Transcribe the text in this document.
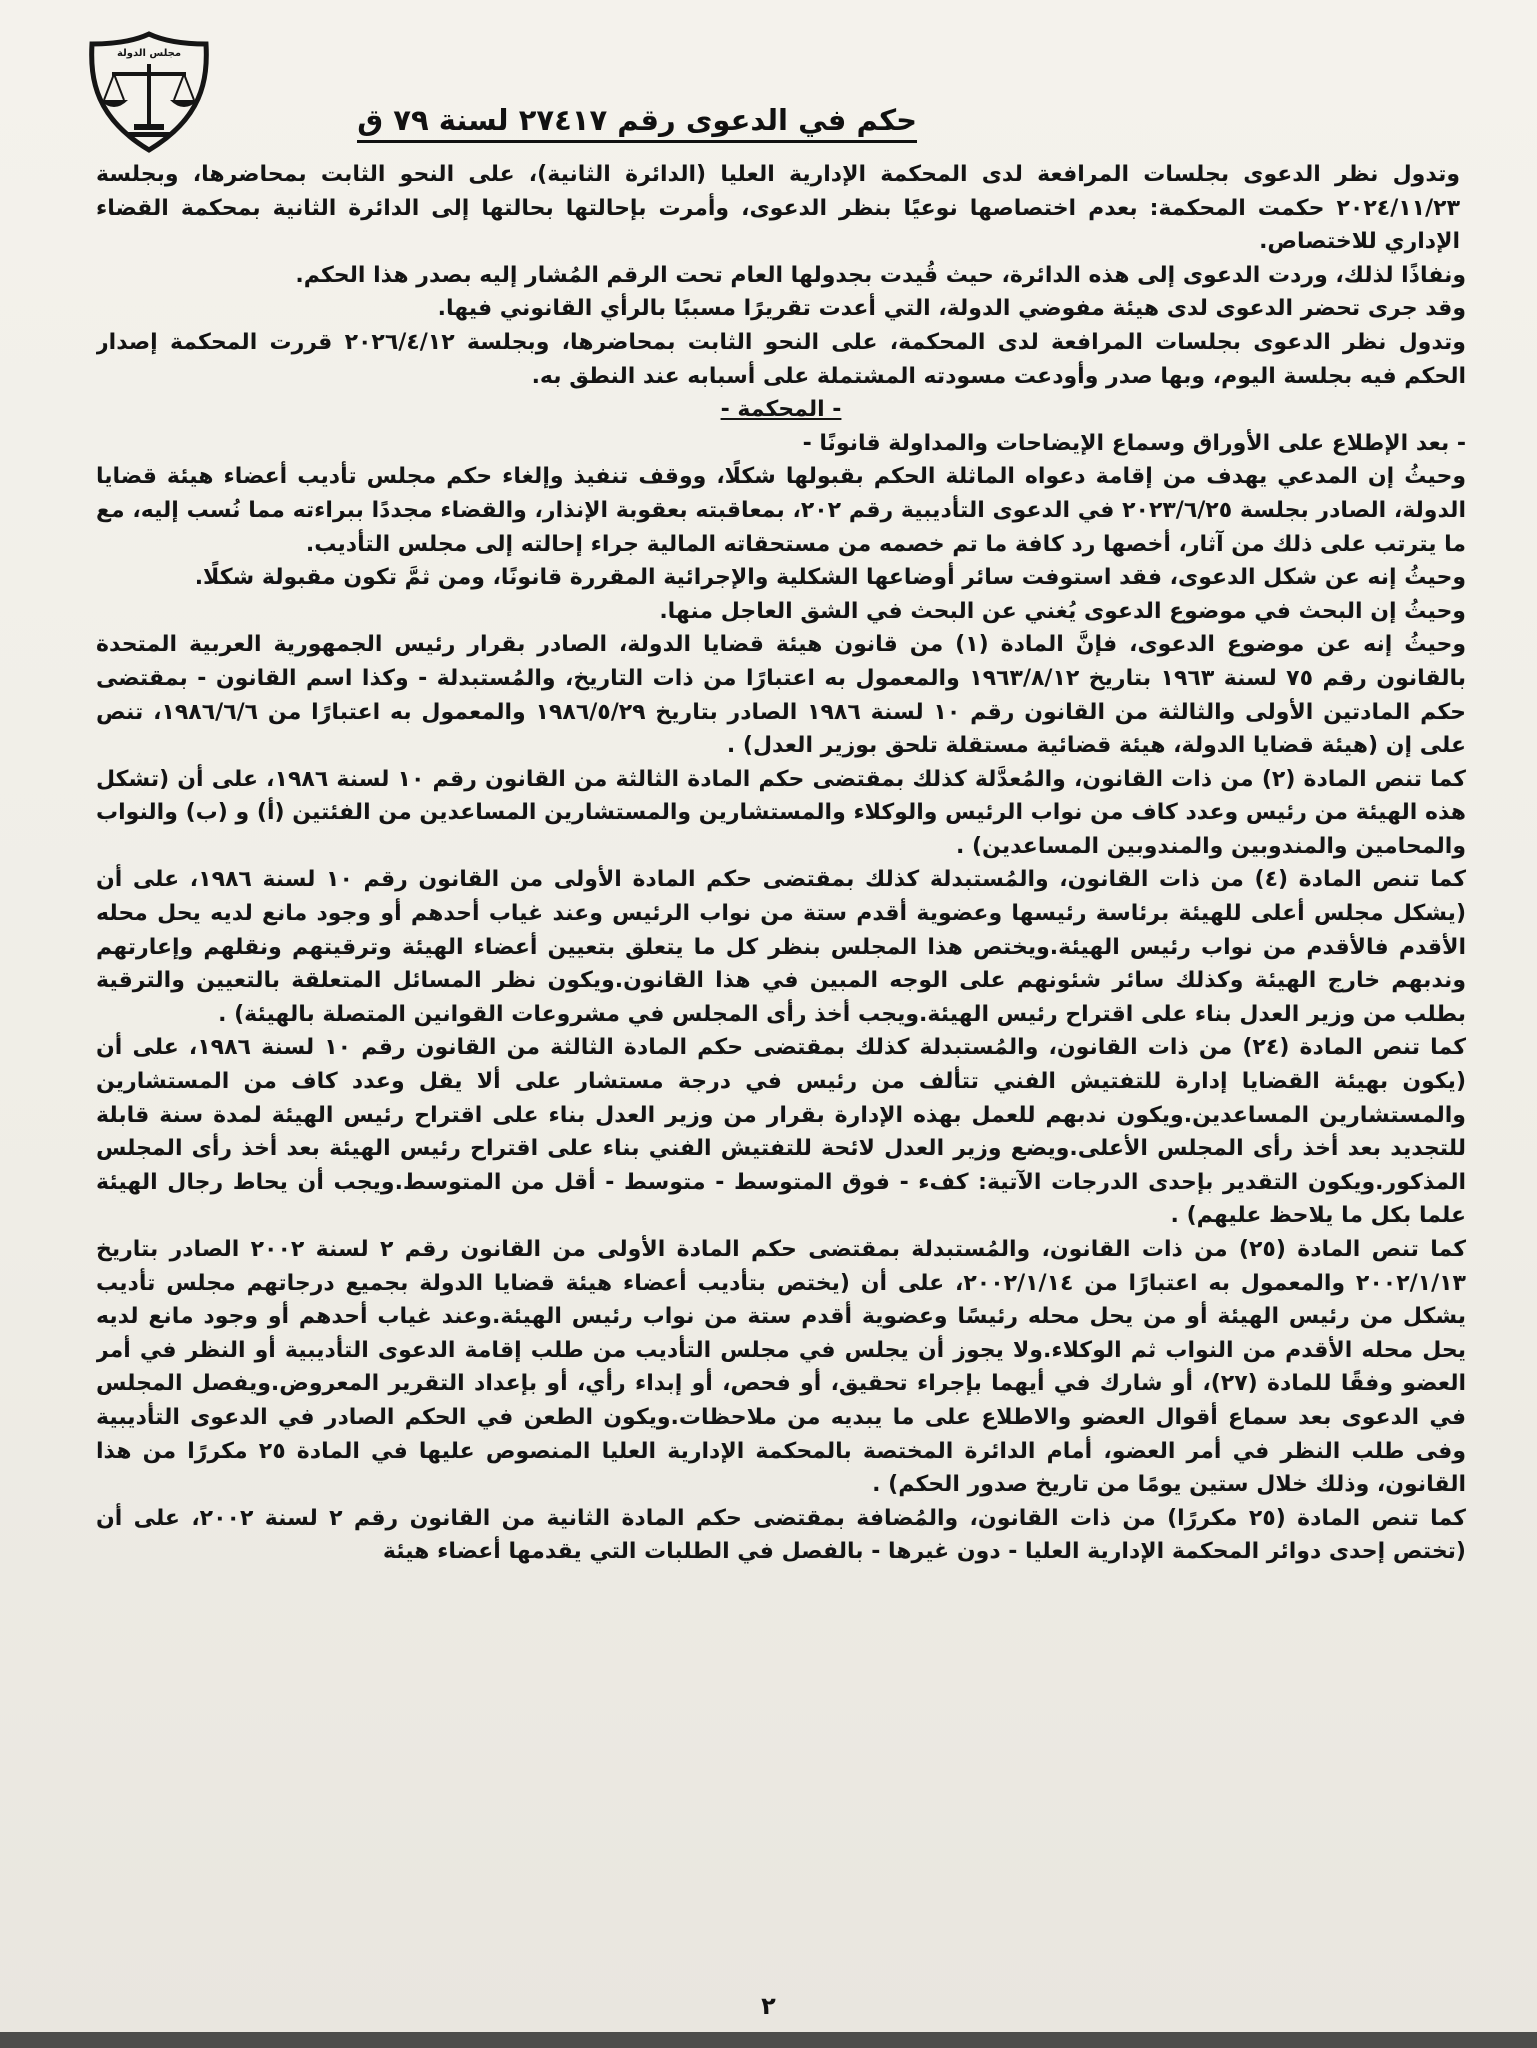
مجلس الدولة
حكم في الدعوى رقم ٢٧٤١٧ لسنة ٧٩ ق

وتدول نظر الدعوى بجلسات المرافعة لدى المحكمة الإدارية العليا (الدائرة الثانية)، على النحو الثابت بمحاضرها، وبجلسة ٢٠٢٤/١١/٢٣ حكمت المحكمة: بعدم اختصاصها نوعيًا بنظر الدعوى، وأمرت بإحالتها بحالتها إلى الدائرة الثانية بمحكمة القضاء الإداري للاختصاص.

ونفاذًا لذلك، وردت الدعوى إلى هذه الدائرة، حيث قُيدت بجدولها العام تحت الرقم المُشار إليه بصدر هذا الحكم.

وقد جرى تحضر الدعوى لدى هيئة مفوضي الدولة، التي أعدت تقريرًا مسببًا بالرأي القانوني فيها.

وتدول نظر الدعوى بجلسات المرافعة لدى المحكمة، على النحو الثابت بمحاضرها، وبجلسة ٢٠٢٦/٤/١٢ قررت المحكمة إصدار الحكم فيه بجلسة اليوم، وبها صدر وأودعت مسودته المشتملة على أسبابه عند النطق به.

- المحكمة -

- بعد الإطلاع على الأوراق وسماع الإيضاحات والمداولة قانونًا -

وحيثُ إن المدعي يهدف من إقامة دعواه الماثلة الحكم بقبولها شكلًا، ووقف تنفيذ وإلغاء حكم مجلس تأديب أعضاء هيئة قضايا الدولة، الصادر بجلسة ٢٠٢٣/٦/٢٥ في الدعوى التأديبية رقم ٢٠٢، بمعاقبته بعقوبة الإنذار، والقضاء مجددًا ببراءته مما نُسب إليه، مع ما يترتب على ذلك من آثار، أخصها رد كافة ما تم خصمه من مستحقاته المالية جراء إحالته إلى مجلس التأديب.

وحيثُ إنه عن شكل الدعوى، فقد استوفت سائر أوضاعها الشكلية والإجرائية المقررة قانونًا، ومن ثمَّ تكون مقبولة شكلًا.

وحيثُ إن البحث في موضوع الدعوى يُغني عن البحث في الشق العاجل منها.

وحيثُ إنه عن موضوع الدعوى، فإنَّ المادة (١) من قانون هيئة قضايا الدولة، الصادر بقرار رئيس الجمهورية العربية المتحدة بالقانون رقم ٧٥ لسنة ١٩٦٣ بتاريخ ١٩٦٣/٨/١٢ والمعمول به اعتبارًا من ذات التاريخ، والمُستبدلة - وكذا اسم القانون - بمقتضى حكم المادتين الأولى والثالثة من القانون رقم ١٠ لسنة ١٩٨٦ الصادر بتاريخ ١٩٨٦/٥/٢٩ والمعمول به اعتبارًا من ١٩٨٦/٦/٦، تنص على إن (هيئة قضايا الدولة، هيئة قضائية مستقلة تلحق بوزير العدل) .

كما تنص المادة (٢) من ذات القانون، والمُعدَّلة كذلك بمقتضى حكم المادة الثالثة من القانون رقم ١٠ لسنة ١٩٨٦، على أن (تشكل هذه الهيئة من رئيس وعدد كاف من نواب الرئيس والوكلاء والمستشارين والمستشارين المساعدين من الفئتين (أ) و (ب) والنواب والمحامين والمندوبين والمندوبين المساعدين) .

كما تنص المادة (٤) من ذات القانون، والمُستبدلة كذلك بمقتضى حكم المادة الأولى من القانون رقم ١٠ لسنة ١٩٨٦، على أن (يشكل مجلس أعلى للهيئة برئاسة رئيسها وعضوية أقدم ستة من نواب الرئيس وعند غياب أحدهم أو وجود مانع لديه يحل محله الأقدم فالأقدم من نواب رئيس الهيئة.ويختص هذا المجلس بنظر كل ما يتعلق بتعيين أعضاء الهيئة وترقيتهم ونقلهم وإعارتهم وندبهم خارج الهيئة وكذلك سائر شئونهم على الوجه المبين في هذا القانون.ويكون نظر المسائل المتعلقة بالتعيين والترقية بطلب من وزير العدل بناء على اقتراح رئيس الهيئة.ويجب أخذ رأى المجلس في مشروعات القوانين المتصلة بالهيئة) .

كما تنص المادة (٢٤) من ذات القانون، والمُستبدلة كذلك بمقتضى حكم المادة الثالثة من القانون رقم ١٠ لسنة ١٩٨٦، على أن (يكون بهيئة القضايا إدارة للتفتيش الفني تتألف من رئيس في درجة مستشار على ألا يقل وعدد كاف من المستشارين والمستشارين المساعدين.ويكون ندبهم للعمل بهذه الإدارة بقرار من وزير العدل بناء على اقتراح رئيس الهيئة لمدة سنة قابلة للتجديد بعد أخذ رأى المجلس الأعلى.ويضع وزير العدل لائحة للتفتيش الفني بناء على اقتراح رئيس الهيئة بعد أخذ رأى المجلس المذكور.ويكون التقدير بإحدى الدرجات الآتية: كفء - فوق المتوسط - متوسط - أقل من المتوسط.ويجب أن يحاط رجال الهيئة علما بكل ما يلاحظ عليهم) .

كما تنص المادة (٢٥) من ذات القانون، والمُستبدلة بمقتضى حكم المادة الأولى من القانون رقم ٢ لسنة ٢٠٠٢ الصادر بتاريخ ٢٠٠٢/١/١٣ والمعمول به اعتبارًا من ٢٠٠٢/١/١٤، على أن (يختص بتأديب أعضاء هيئة قضايا الدولة بجميع درجاتهم مجلس تأديب يشكل من رئيس الهيئة أو من يحل محله رئيسًا وعضوية أقدم ستة من نواب رئيس الهيئة.وعند غياب أحدهم أو وجود مانع لديه يحل محله الأقدم من النواب ثم الوكلاء.ولا يجوز أن يجلس في مجلس التأديب من طلب إقامة الدعوى التأديبية أو النظر في أمر العضو وفقًا للمادة (٢٧)، أو شارك في أيهما بإجراء تحقيق، أو فحص، أو إبداء رأي، أو بإعداد التقرير المعروض.ويفصل المجلس في الدعوى بعد سماع أقوال العضو والاطلاع على ما يبديه من ملاحظات.ويكون الطعن في الحكم الصادر في الدعوى التأديبية وفى طلب النظر في أمر العضو، أمام الدائرة المختصة بالمحكمة الإدارية العليا المنصوص عليها في المادة ٢٥ مكررًا من هذا القانون، وذلك خلال ستين يومًا من تاريخ صدور الحكم) .

كما تنص المادة (٢٥ مكررًا) من ذات القانون، والمُضافة بمقتضى حكم المادة الثانية من القانون رقم ٢ لسنة ٢٠٠٢، على أن (تختص إحدى دوائر المحكمة الإدارية العليا - دون غيرها - بالفصل في الطلبات التي يقدمها أعضاء هيئة

٢
